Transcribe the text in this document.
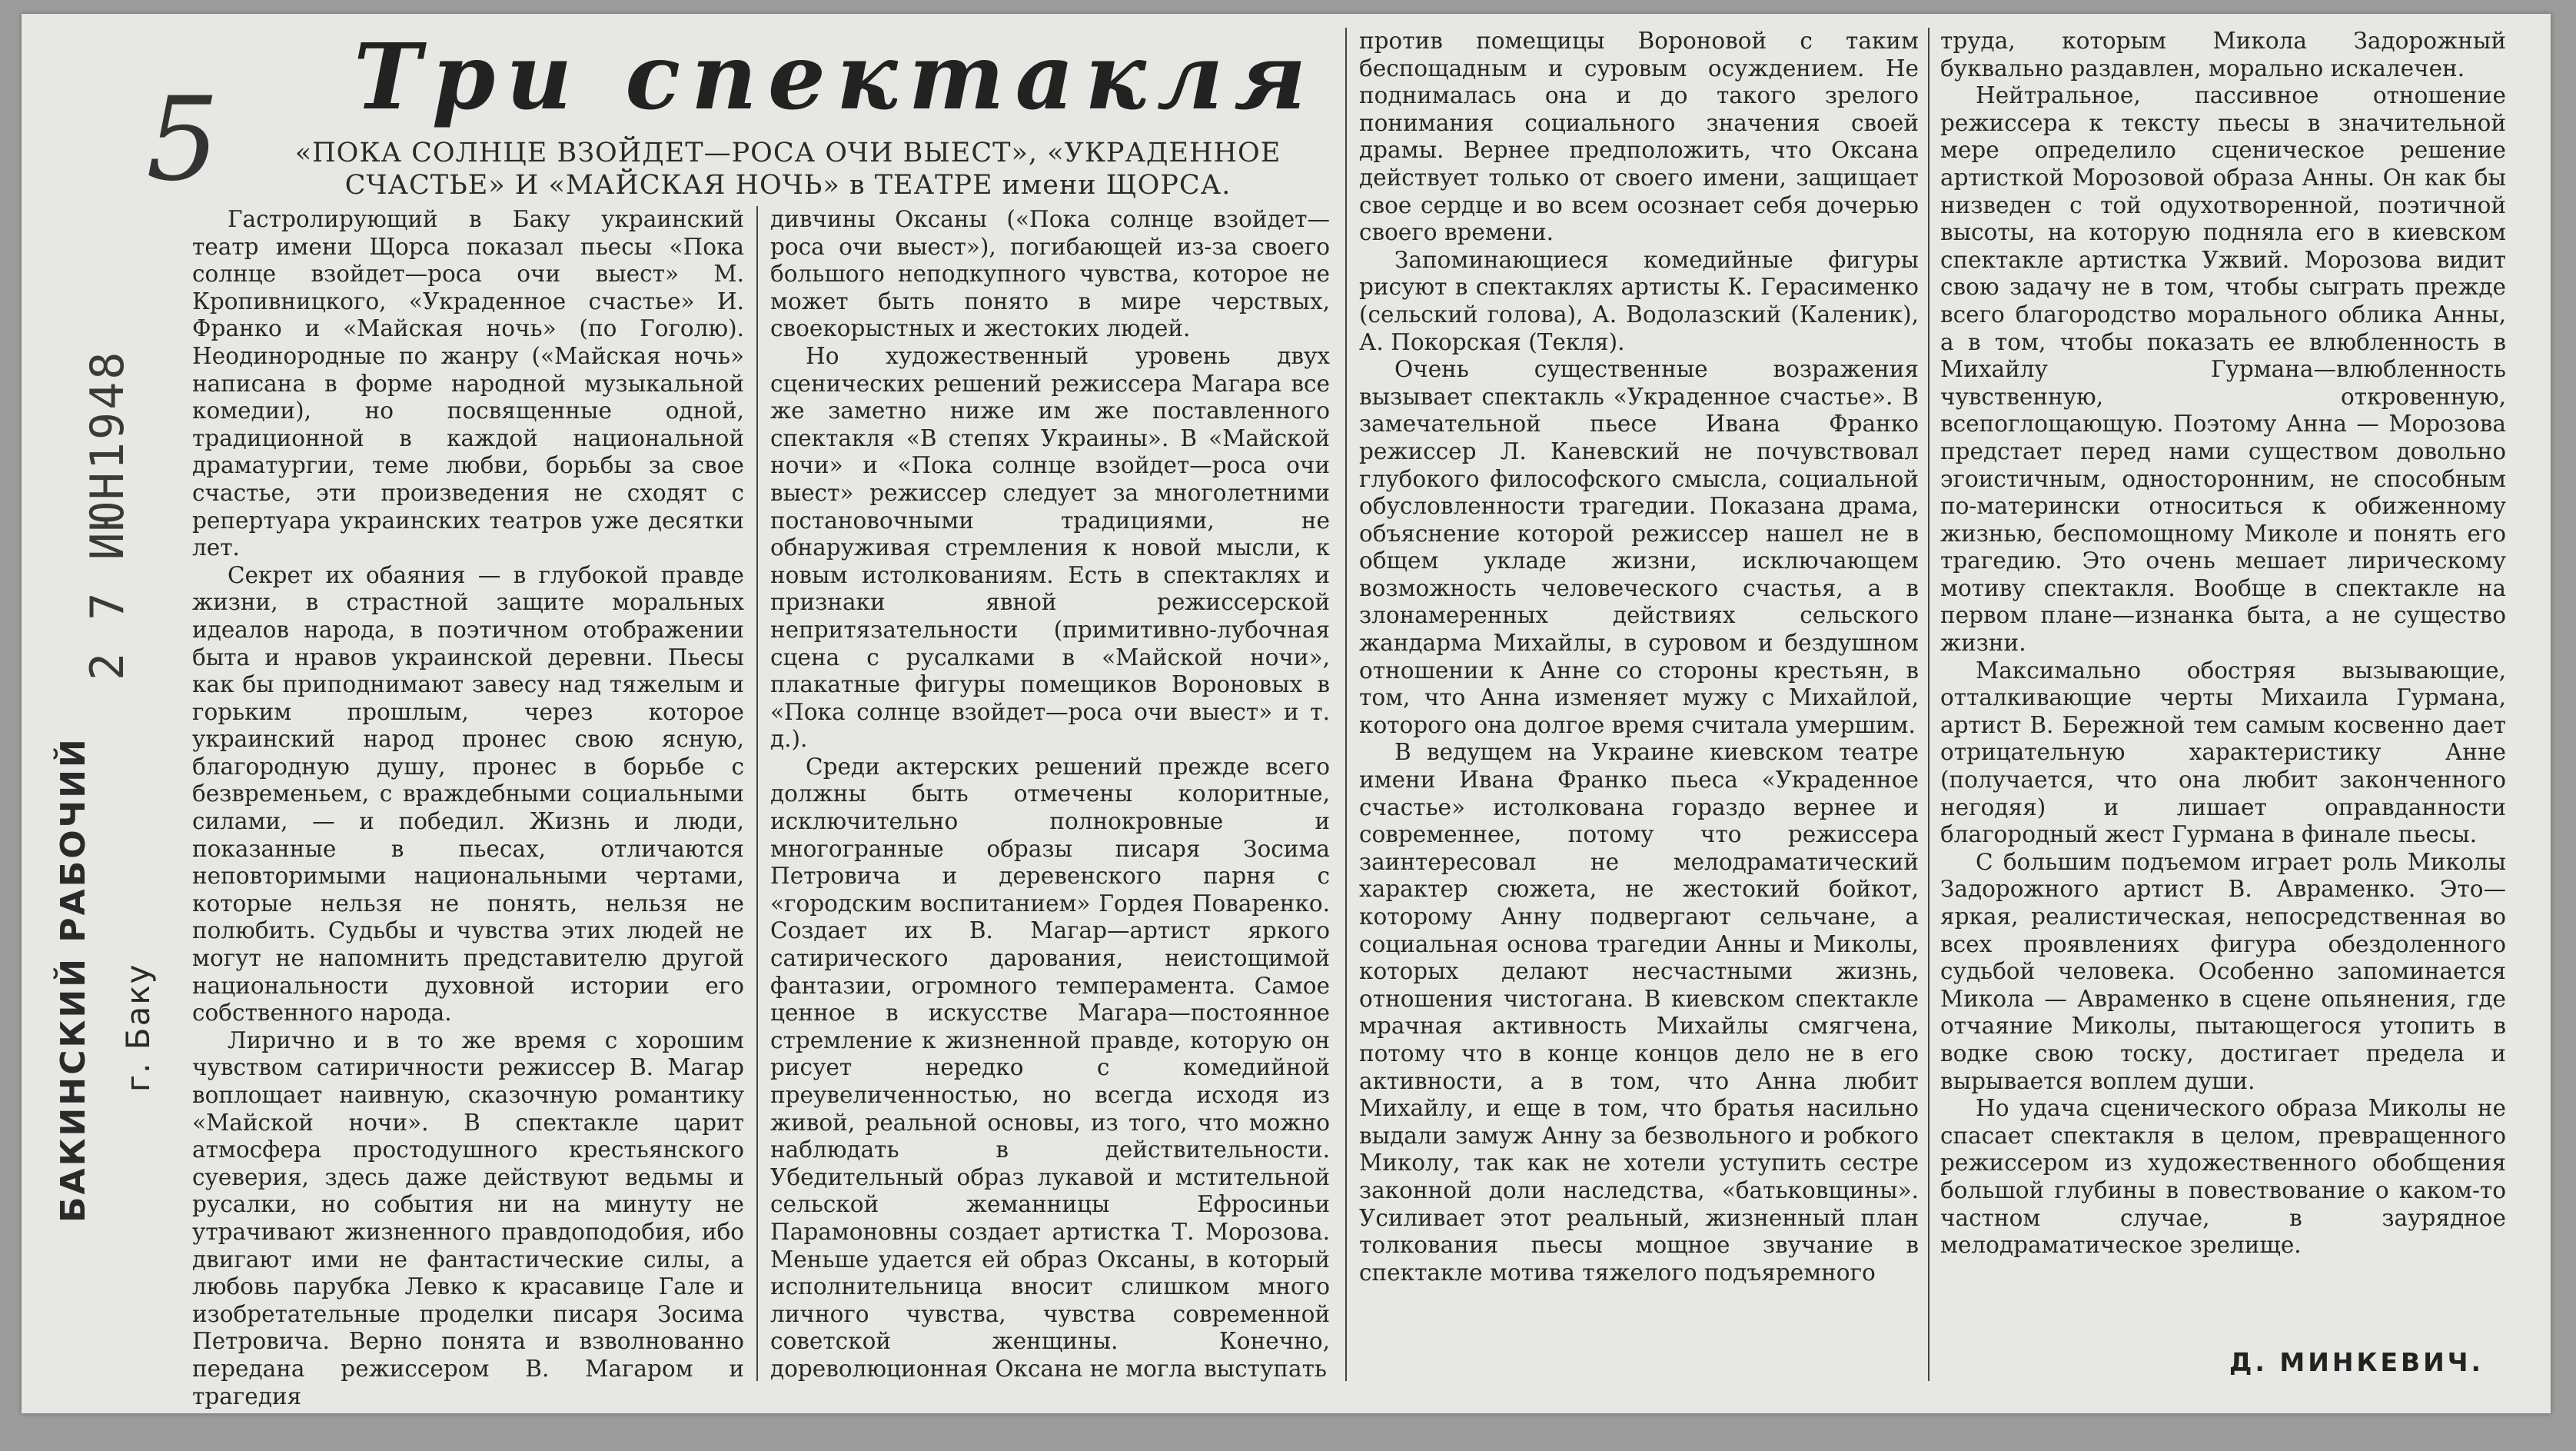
5 Три спектакля
«ПОКА СОЛНЦЕ ВЗОЙДЕТ—РОСА ОЧИ ВЫЕСТ», «УКРАДЕННОЕ СЧАСТЬЕ» И «МАЙСКАЯ НОЧЬ» в ТЕАТРЕ имени ЩОРСА.
БАКИНСКИЙ РАБОЧИЙ г. Баку
2 7 ИЮН1948

Гастролирующий в Баку украинский театр имени Щорса показал пьесы «Пока солнце взойдет—роса очи выест» М. Кропивницкого, «Украденное счастье» И. Франко и «Майская ночь» (по Гоголю). Неодинородные по жанру («Майская ночь» написана в форме народной музыкальной комедии), но посвященные одной, традиционной в каждой национальной драматургии, теме любви, борьбы за свое счастье, эти произведения не сходят с репертуара украинских театров уже десятки лет.

Секрет их обаяния — в глубокой правде жизни, в страстной защите моральных идеалов народа, в поэтичном отображении быта и нравов украинской деревни. Пьесы как бы приподнимают завесу над тяжелым и горьким прошлым, через которое украинский народ пронес свою ясную, благородную душу, пронес в борьбе с безвременьем, с враждебными социальными силами, — и победил. Жизнь и люди, показанные в пьесах, отличаются неповторимыми национальными чертами, которые нельзя не понять, нельзя не полюбить. Судьбы и чувства этих людей не могут не напомнить представителю другой национальности духовной истории его собственного народа.

Лирично и в то же время с хорошим чувством сатиричности режиссер В. Магар воплощает наивную, сказочную романтику «Майской ночи». В спектакле царит атмосфера простодушного крестьянского суеверия, здесь даже действуют ведьмы и русалки, но события ни на минуту не утрачивают жизненного правдоподобия, ибо двигают ими не фантастические силы, а любовь парубка Левко к красавице Гале и изобретательные проделки писаря Зосима Петровича. Верно понята и взволнованно передана режиссером В. Магаром и трагедия

дивчины Оксаны («Пока солнце взойдет—роса очи выест»), погибающей из-за своего большого неподкупного чувства, которое не может быть понято в мире черствых, своекорыстных и жестоких людей.

Но художественный уровень двух сценических решений режиссера Магара все же заметно ниже им же поставленного спектакля «В степях Украины». В «Майской ночи» и «Пока солнце взойдет—роса очи выест» режиссер следует за многолетними постановочными традициями, не обнаруживая стремления к новой мысли, к новым истолкованиям. Есть в спектаклях и признаки явной режиссерской непритязательности (примитивно-лубочная сцена с русалками в «Майской ночи», плакатные фигуры помещиков Вороновых в «Пока солнце взойдет—роса очи выест» и т. д.).

Среди актерских решений прежде всего должны быть отмечены колоритные, исключительно полнокровные и многогранные образы писаря Зосима Петровича и деревенского парня с «городским воспитанием» Гордея Поваренко. Создает их В. Магар—артист яркого сатирического дарования, неистощимой фантазии, огромного темперамента. Самое ценное в искусстве Магара—постоянное стремление к жизненной правде, которую он рисует нередко с комедийной преувеличенностью, но всегда исходя из живой, реальной основы, из того, что можно наблюдать в действительности. Убедительный образ лукавой и мстительной сельской жеманницы Ефросиньи Парамоновны создает артистка Т. Морозова. Меньше удается ей образ Оксаны, в который исполнительница вносит слишком много личного чувства, чувства современной советской женщины. Конечно, дореволюционная Оксана не могла выступать

против помещицы Вороновой с таким беспощадным и суровым осуждением. Не поднималась она и до такого зрелого понимания социального значения своей драмы. Вернее предположить, что Оксана действует только от своего имени, защищает свое сердце и во всем осознает себя дочерью своего времени.

Запоминающиеся комедийные фигуры рисуют в спектаклях артисты К. Герасименко (сельский голова), А. Водолазский (Каленик), А. Покорская (Текля).

Очень существенные возражения вызывает спектакль «Украденное счастье». В замечательной пьесе Ивана Франко режиссер Л. Каневский не почувствовал глубокого философского смысла, социальной обусловленности трагедии. Показана драма, объяснение которой режиссер нашел не в общем укладе жизни, исключающем возможность человеческого счастья, а в злонамеренных действиях сельского жандарма Михайлы, в суровом и бездушном отношении к Анне со стороны крестьян, в том, что Анна изменяет мужу с Михайлой, которого она долгое время считала умершим.

В ведущем на Украине киевском театре имени Ивана Франко пьеса «Украденное счастье» истолкована гораздо вернее и современнее, потому что режиссера заинтересовал не мелодраматический характер сюжета, не жестокий бойкот, которому Анну подвергают сельчане, а социальная основа трагедии Анны и Миколы, которых делают несчастными жизнь, отношения чистогана. В киевском спектакле мрачная активность Михайлы смягчена, потому что в конце концов дело не в его активности, а в том, что Анна любит Михайлу, и еще в том, что братья насильно выдали замуж Анну за безвольного и робкого Миколу, так как не хотели уступить сестре законной доли наследства, «батьковщины». Усиливает этот реальный, жизненный план толкования пьесы мощное звучание в спектакле мотива тяжелого подъяремного

труда, которым Микола Задорожный буквально раздавлен, морально искалечен.

Нейтральное, пассивное отношение режиссера к тексту пьесы в значительной мере определило сценическое решение артисткой Морозовой образа Анны. Он как бы низведен с той одухотворенной, поэтичной высоты, на которую подняла его в киевском спектакле артистка Ужвий. Морозова видит свою задачу не в том, чтобы сыграть прежде всего благородство морального облика Анны, а в том, чтобы показать ее влюбленность в Михайлу Гурмана—влюбленность чувственную, откровенную, всепоглощающую. Поэтому Анна — Морозова предстает перед нами существом довольно эгоистичным, односторонним, не способным по-матерински относиться к обиженному жизнью, беспомощному Миколе и понять его трагедию. Это очень мешает лирическому мотиву спектакля. Вообще в спектакле на первом плане—изнанка быта, а не существо жизни.

Максимально обостряя вызывающие, отталкивающие черты Михаила Гурмана, артист В. Бережной тем самым косвенно дает отрицательную характеристику Анне (получается, что она любит законченного негодяя) и лишает оправданности благородный жест Гурмана в финале пьесы.

С большим подъемом играет роль Миколы Задорожного артист В. Авраменко. Это—яркая, реалистическая, непосредственная во всех проявлениях фигура обездоленного судьбой человека. Особенно запоминается Микола — Авраменко в сцене опьянения, где отчаяние Миколы, пытающегося утопить в водке свою тоску, достигает предела и вырывается воплем души.

Но удача сценического образа Миколы не спасает спектакля в целом, превращенного режиссером из художественного обобщения большой глубины в повествование о каком-то частном случае, в заурядное мелодраматическое зрелище.

Д. МИНКЕВИЧ.
